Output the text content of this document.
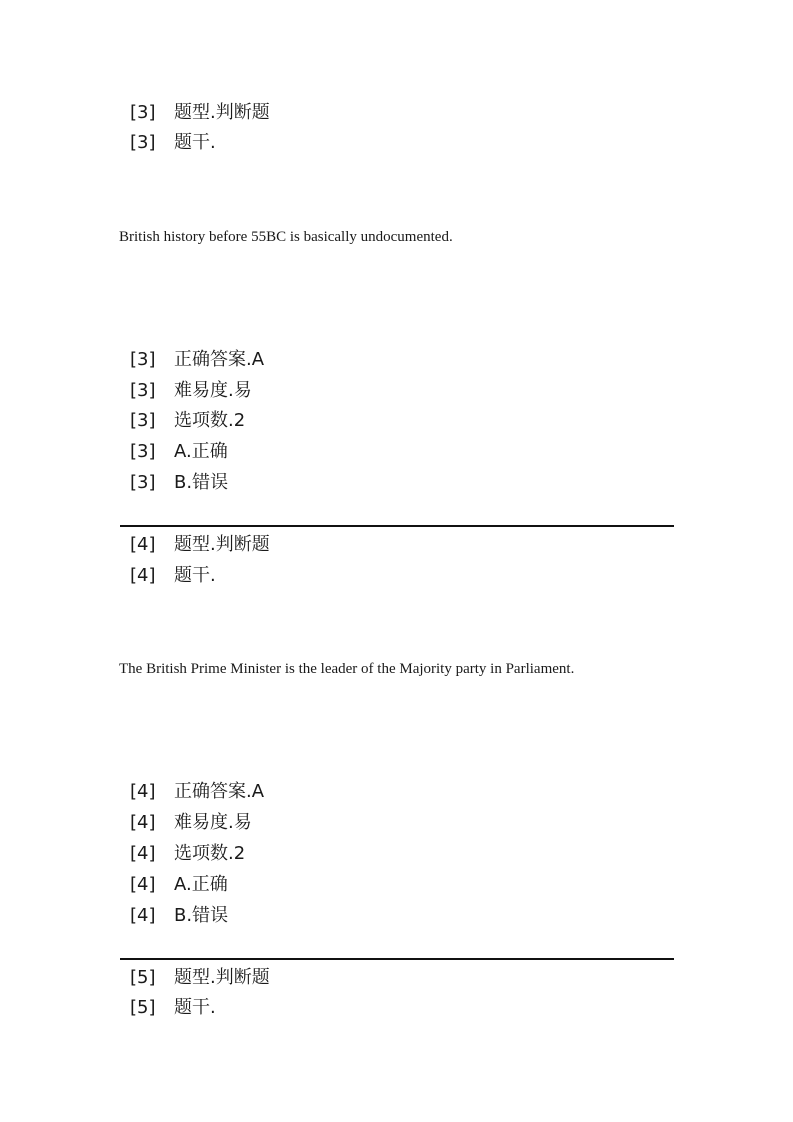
[3] 题型.判断题
[3] 题干.
British history before 55BC is basically undocumented.
[3] 正确答案.A
[3] 难易度.易
[3] 选项数.2
[3] A.正确
[3] B.错误
[4] 题型.判断题
[4] 题干.
The British Prime Minister is the leader of the Majority party in Parliament.
[4] 正确答案.A
[4] 难易度.易
[4] 选项数.2
[4] A.正确
[4] B.错误
[5] 题型.判断题
[5] 题干.
